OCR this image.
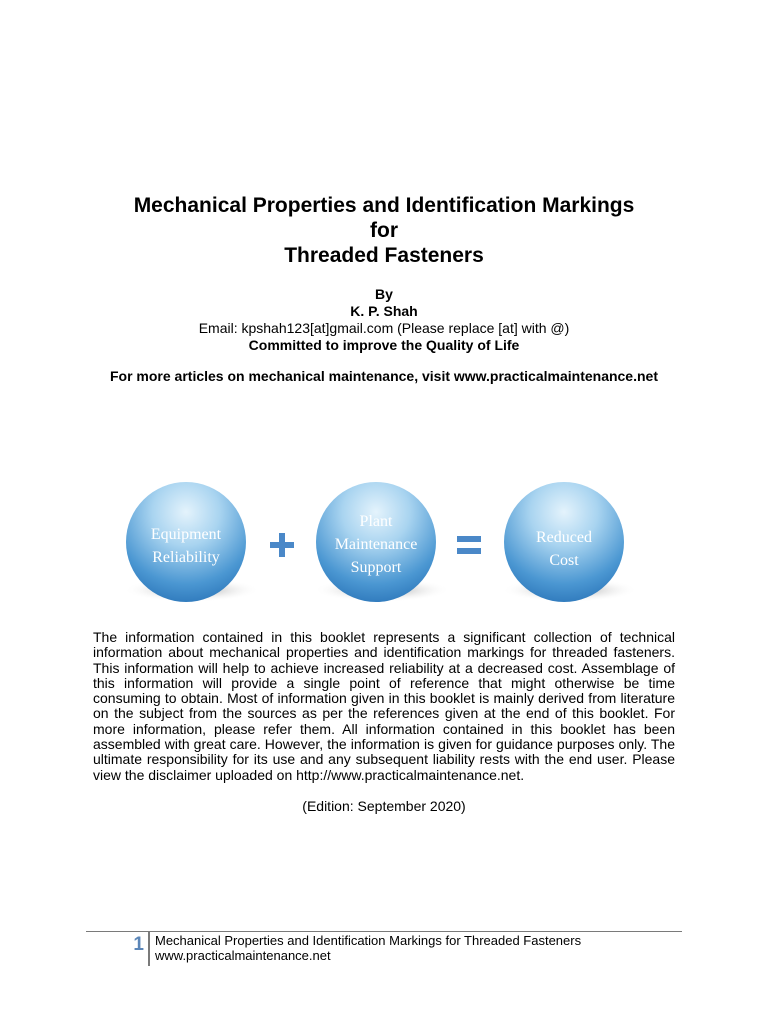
Mechanical Properties and Identification Markings
for
Threaded Fasteners
By
K. P. Shah
Email: kpshah123[at]gmail.com (Please replace [at] with @)
Committed to improve the Quality of Life
For more articles on mechanical maintenance, visit www.practicalmaintenance.net
Equipment
Reliability
Plant
Maintenance
Support
Reduced
Cost
The information contained in this booklet represents a significant collection of technical information about mechanical properties and identification markings for threaded fasteners. This information will help to achieve increased reliability at a decreased cost. Assemblage of this information will provide a single point of reference that might otherwise be time consuming to obtain. Most of information given in this booklet is mainly derived from literature on the subject from the sources as per the references given at the end of this booklet. For more information, please refer them. All information contained in this booklet has been assembled with great care. However, the information is given for guidance purposes only. The ultimate responsibility for its use and any subsequent liability rests with the end user. Please view the disclaimer uploaded on http://www.practicalmaintenance.net.
(Edition: September 2020)
1 Mechanical Properties and Identification Markings for Threaded Fasteners
www.practicalmaintenance.net
